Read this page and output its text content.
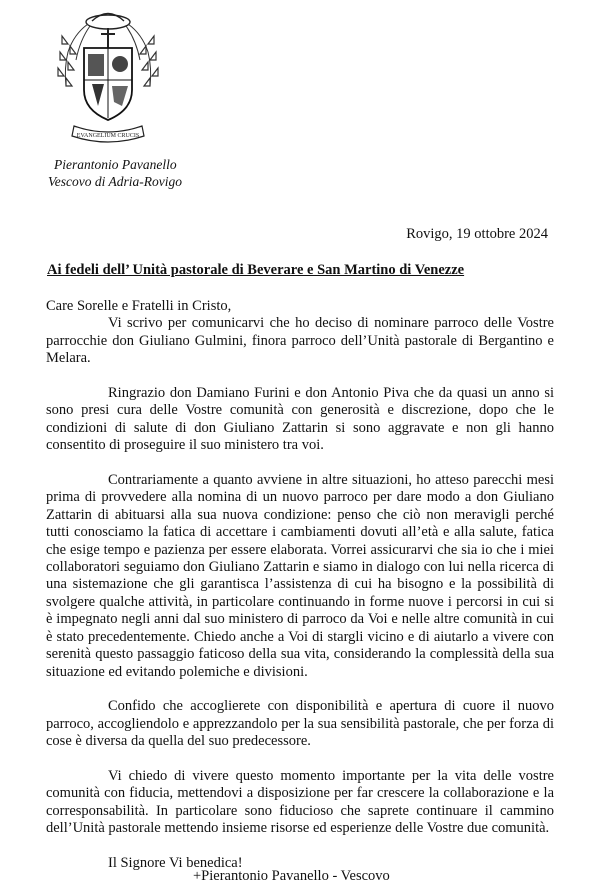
EVANGELIUM CRUCIS
Pierantonio Pavanello
Vescovo di Adria-Rovigo
Rovigo, 19 ottobre 2024
Ai fedeli dell’ Unità pastorale di Beverare e San Martino di Venezze

Care Sorelle e Fratelli in Cristo,

Vi scrivo per comunicarvi che ho deciso di nominare parroco delle Vostre parrocchie don Giuliano Gulmini, finora parroco dell’Unità pastorale di Bergantino e Melara.

Ringrazio don Damiano Furini e don Antonio Piva che da quasi un anno si sono presi cura delle Vostre comunità con generosità e discrezione, dopo che le condizioni di salute di don Giuliano Zattarin si sono aggravate e non gli hanno consentito di proseguire il suo ministero tra voi.

Contrariamente a quanto avviene in altre situazioni, ho atteso parecchi mesi prima di provvedere alla nomina di un nuovo parroco per dare modo a don Giuliano Zattarin di abituarsi alla sua nuova condizione: penso che ciò non meravigli perché tutti conosciamo la fatica di accettare i cambiamenti dovuti all’età e alla salute, fatica che esige tempo e pazienza per essere elaborata. Vorrei assicurarvi che sia io che i miei collaboratori seguiamo don Giuliano Zattarin e siamo in dialogo con lui nella ricerca di una sistemazione che gli garantisca l’assistenza di cui ha bisogno e la possibilità di svolgere qualche attività, in particolare continuando in forme nuove i percorsi in cui si è impegnato negli anni dal suo ministero di parroco da Voi e nelle altre comunità in cui è stato precedentemente. Chiedo anche a Voi di stargli vicino e di aiutarlo a vivere con serenità questo passaggio faticoso della sua vita, considerando la complessità della sua situazione ed evitando polemiche e divisioni.

Confido che accoglierete con disponibilità e apertura di cuore il nuovo parroco, accogliendolo e apprezzandolo per la sua sensibilità pastorale, che per forza di cose è diversa da quella del suo predecessore.

Vi chiedo di vivere questo momento importante per la vita delle vostre comunità con fiducia, mettendovi a disposizione per far crescere la collaborazione e la corresponsabilità. In particolare sono fiducioso che saprete continuare il cammino dell’Unità pastorale mettendo insieme risorse ed esperienze delle Vostre due comunità.

Il Signore Vi benedica!

+Pierantonio Pavanello - Vescovo
